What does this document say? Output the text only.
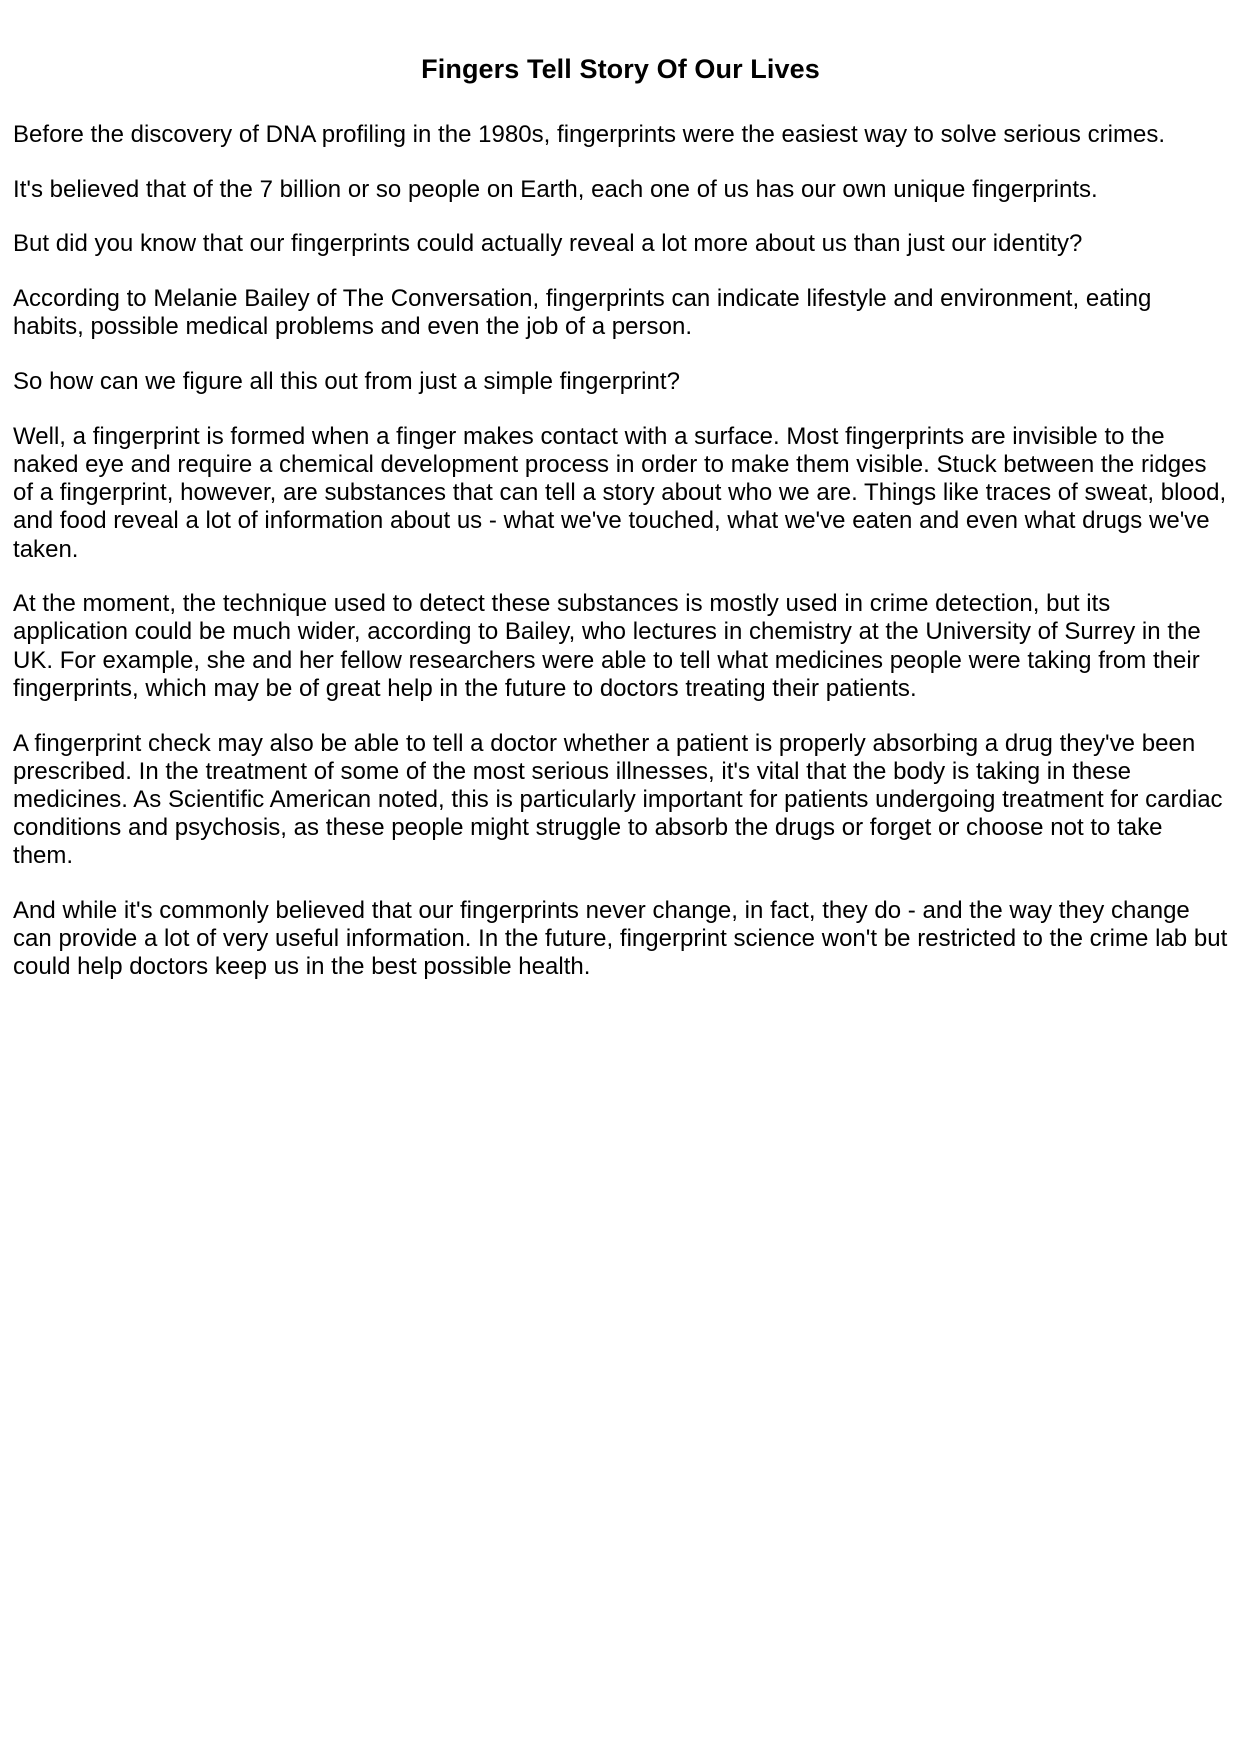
Fingers Tell Story Of Our Lives

Before the discovery of DNA profiling in the 1980s, fingerprints were the easiest way to solve serious crimes.

It's believed that of the 7 billion or so people on Earth, each one of us has our own unique fingerprints.

But did you know that our fingerprints could actually reveal a lot more about us than just our identity?

According to Melanie Bailey of The Conversation, fingerprints can indicate lifestyle and environment, eating habits, possible medical problems and even the job of a person.

So how can we figure all this out from just a simple fingerprint?

Well, a fingerprint is formed when a finger makes contact with a surface. Most fingerprints are invisible to the naked eye and require a chemical development process in order to make them visible. Stuck between the ridges of a fingerprint, however, are substances that can tell a story about who we are. Things like traces of sweat, blood, and food reveal a lot of information about us - what we've touched, what we've eaten and even what drugs we've taken.

At the moment, the technique used to detect these substances is mostly used in crime detection, but its application could be much wider, according to Bailey, who lectures in chemistry at the University of Surrey in the UK. For example, she and her fellow researchers were able to tell what medicines people were taking from their fingerprints, which may be of great help in the future to doctors treating their patients.

A fingerprint check may also be able to tell a doctor whether a patient is properly absorbing a drug they've been prescribed. In the treatment of some of the most serious illnesses, it's vital that the body is taking in these medicines. As Scientific American noted, this is particularly important for patients undergoing treatment for cardiac conditions and psychosis, as these people might struggle to absorb the drugs or forget or choose not to take them.

And while it's commonly believed that our fingerprints never change, in fact, they do - and the way they change can provide a lot of very useful information. In the future, fingerprint science won't be restricted to the crime lab but could help doctors keep us in the best possible health.
